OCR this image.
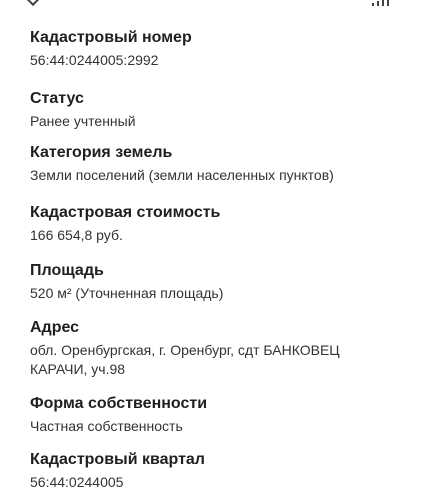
Кадастровый номер
56:44:0244005:2992
Статус
Ранее учтенный
Категория земель
Земли поселений (земли населенных пунктов)
Кадастровая стоимость
166 654,8 руб.
Площадь
520 м² (Уточненная площадь)
Адрес
обл. Оренбургская, г. Оренбург, сдт БАНКОВЕЦ КАРАЧИ, уч.98
Форма собственности
Частная собственность
Кадастровый квартал
56:44:0244005
